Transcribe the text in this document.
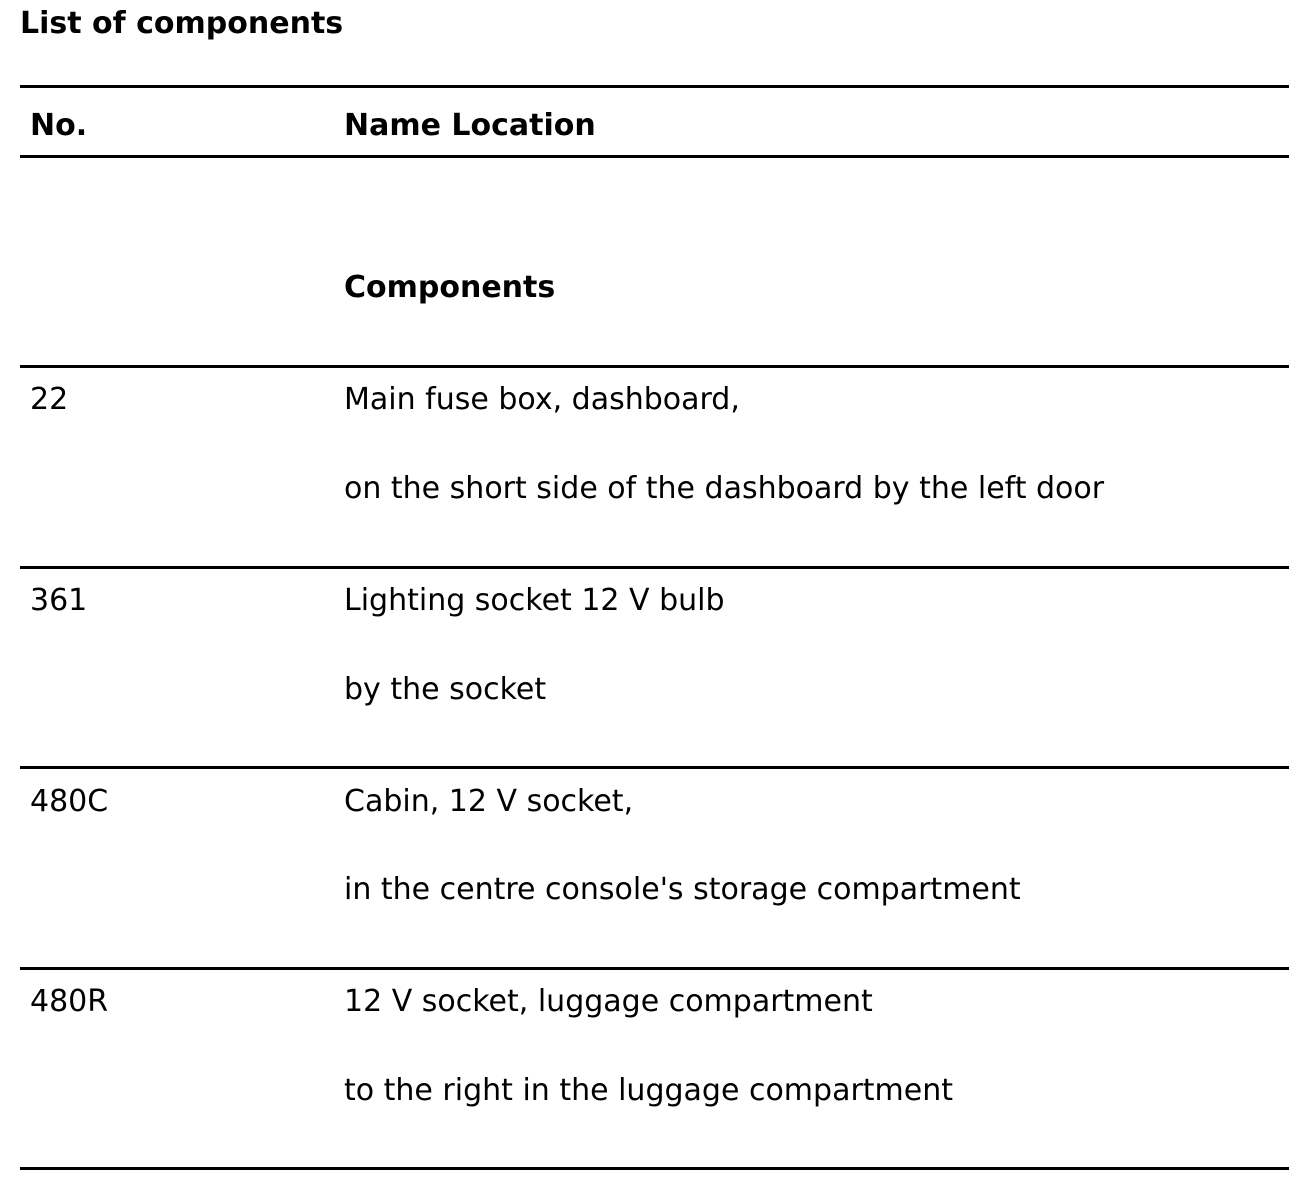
List of components
No.	Name Location
Components
22	Main fuse box, dashboard,
on the short side of the dashboard by the left door
361	Lighting socket 12 V bulb
by the socket
480C	Cabin, 12 V socket,
in the centre console's storage compartment
480R	12 V socket, luggage compartment
to the right in the luggage compartment
